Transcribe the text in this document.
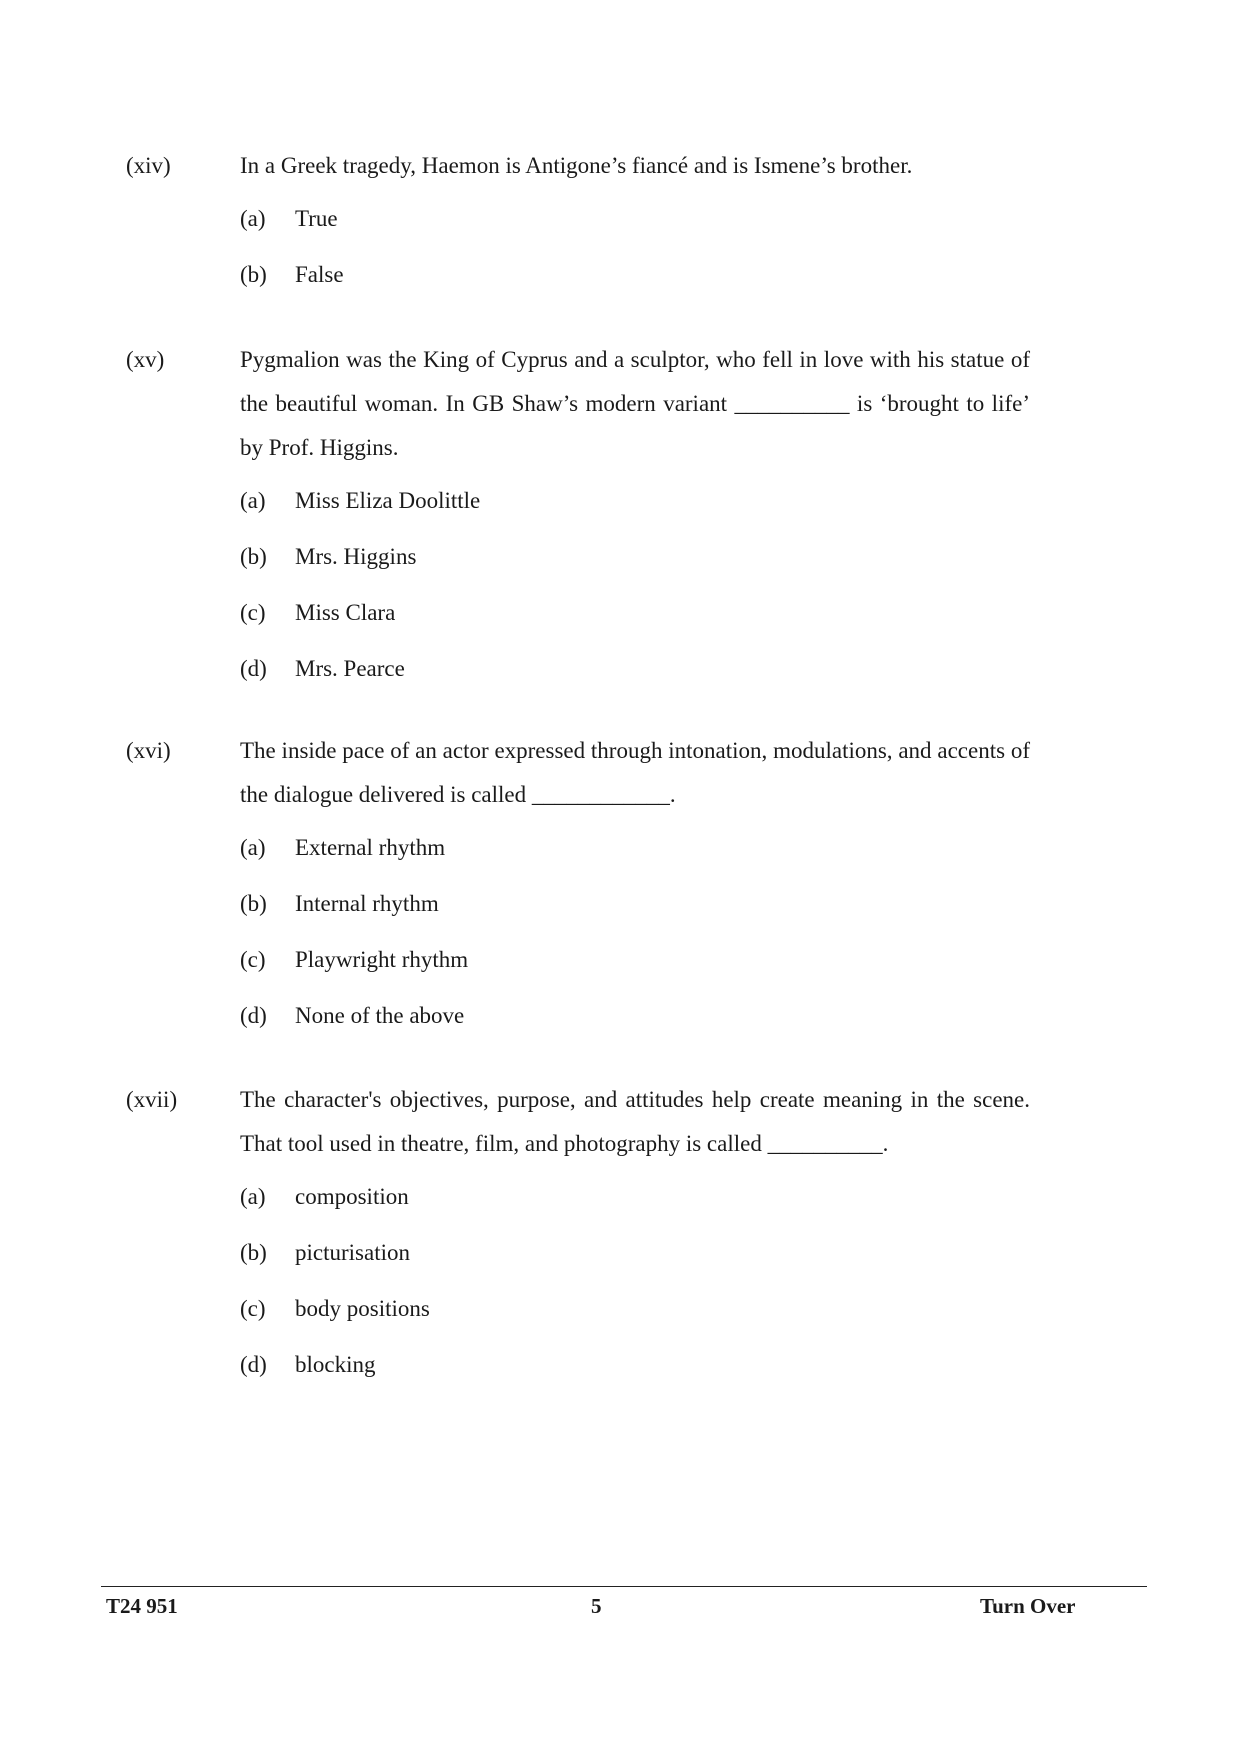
(xiv)	In a Greek tragedy, Haemon is Antigone’s fiancé and is Ismene’s brother.
(a)	True
(b)	False
(xv)	Pygmalion was the King of Cyprus and a sculptor, who fell in love with his statue of the beautiful woman. In GB Shaw’s modern variant __________ is ‘brought to life’ by Prof. Higgins.
(a)	Miss Eliza Doolittle
(b)	Mrs. Higgins
(c)	Miss Clara
(d)	Mrs. Pearce
(xvi)	The inside pace of an actor expressed through intonation, modulations, and accents of the dialogue delivered is called ____________.
(a)	External rhythm
(b)	Internal rhythm
(c)	Playwright rhythm
(d)	None of the above
(xvii)	The character's objectives, purpose, and attitudes help create meaning in the scene. That tool used in theatre, film, and photography is called __________.
(a)	composition
(b)	picturisation
(c)	body positions
(d)	blocking
T24 951	5	Turn Over
